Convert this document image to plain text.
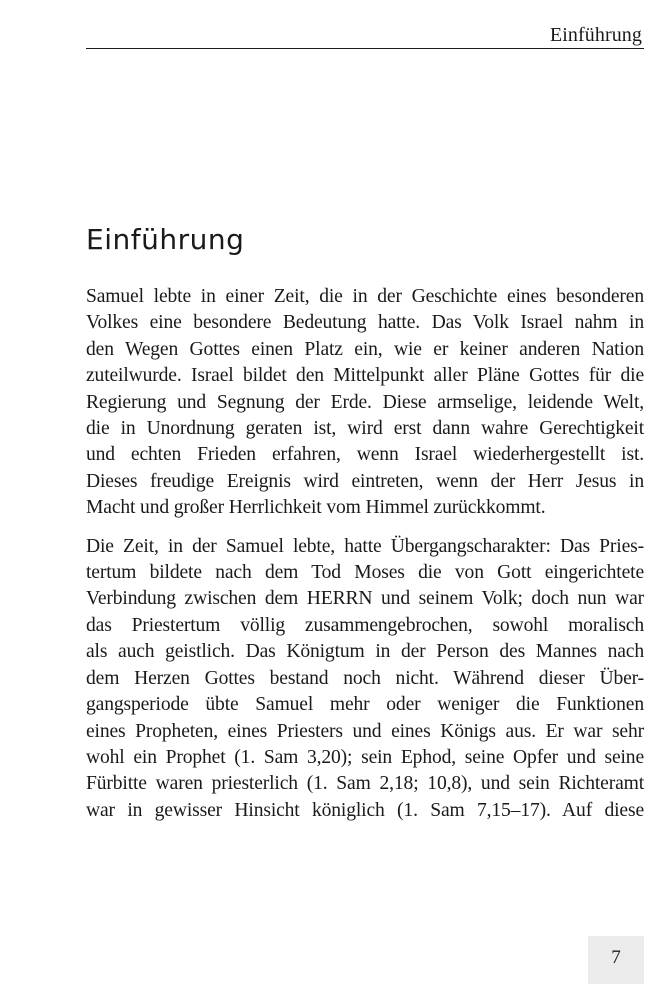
Einführung
Einführung

Samuel lebte in einer Zeit, die in der Geschichte eines besonderen
Volkes eine besondere Bedeutung hatte. Das Volk Israel nahm in
den Wegen Gottes einen Platz ein, wie er keiner anderen Nation
zuteilwurde. Israel bildet den Mittelpunkt aller Pläne Gottes für die
Regierung und Segnung der Erde. Diese armselige, leidende Welt,
die in Unordnung geraten ist, wird erst dann wahre Gerechtigkeit
und echten Frieden erfahren, wenn Israel wiederhergestellt ist.
Dieses freudige Ereignis wird eintreten, wenn der Herr Jesus in
Macht und großer Herrlichkeit vom Himmel zurückkommt.

Die Zeit, in der Samuel lebte, hatte Übergangscharakter: Das Pries-
tertum bildete nach dem Tod Moses die von Gott eingerichtete
Verbindung zwischen dem HERRN und seinem Volk; doch nun war
das Priestertum völlig zusammengebrochen, sowohl moralisch
als auch geistlich. Das Königtum in der Person des Mannes nach
dem Herzen Gottes bestand noch nicht. Während dieser Über-
gangsperiode übte Samuel mehr oder weniger die Funktionen
eines Propheten, eines Priesters und eines Königs aus. Er war sehr
wohl ein Prophet (1. Sam 3,20); sein Ephod, seine Opfer und seine
Fürbitte waren priesterlich (1. Sam 2,18; 10,8), und sein Richteramt
war in gewisser Hinsicht königlich (1. Sam 7,15–17). Auf diese

7
